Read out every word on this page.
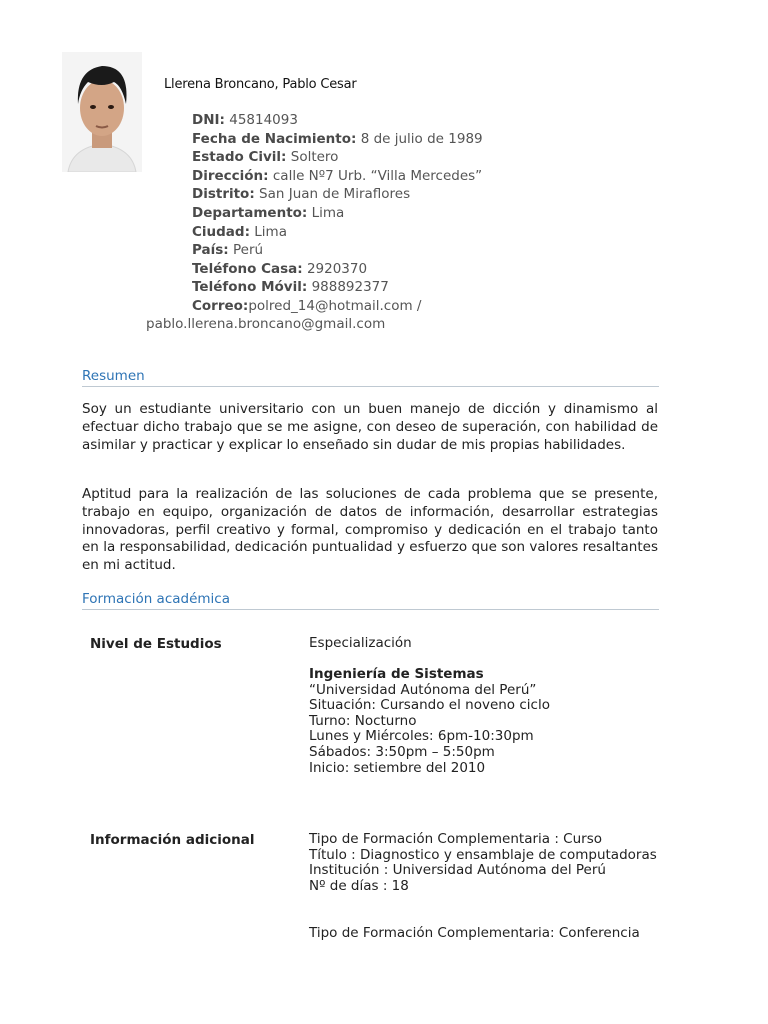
Llerena Broncano, Pablo Cesar
DNI: 45814093
Fecha de Nacimiento: 8 de julio de 1989
Estado Civil: Soltero
Dirección: calle Nº7 Urb. “Villa Mercedes”
Distrito: San Juan de Miraflores
Departamento: Lima
Ciudad: Lima
País: Perú
Teléfono Casa: 2920370
Teléfono Móvil: 988892377
Correo:polred_14@hotmail.com /
pablo.llerena.broncano@gmail.com
Resumen

Soy un estudiante universitario con un buen manejo de dicción y dinamismo al efectuar dicho trabajo que se me asigne, con deseo de superación, con habilidad de asimilar y practicar y explicar lo enseñado sin dudar de mis propias habilidades.

Aptitud para la realización de las soluciones de cada problema que se presente, trabajo en equipo, organización de datos de información, desarrollar estrategias innovadoras, perfil creativo y formal, compromiso y dedicación en el trabajo tanto en la responsabilidad, dedicación puntualidad y esfuerzo que son valores resaltantes en mi actitud.

Formación académica
Nivel de Estudios	Especialización
Ingeniería de Sistemas
“Universidad Autónoma del Perú”
Situación: Cursando el noveno ciclo
Turno: Nocturno
Lunes y Miércoles: 6pm-10:30pm
Sábados: 3:50pm – 5:50pm
Inicio: setiembre del 2010
Información adicional	Tipo de Formación Complementaria : Curso
Título : Diagnostico y ensamblaje de computadoras
Institución : Universidad Autónoma del Perú
Nº de días : 18
Tipo de Formación Complementaria: Conferencia
